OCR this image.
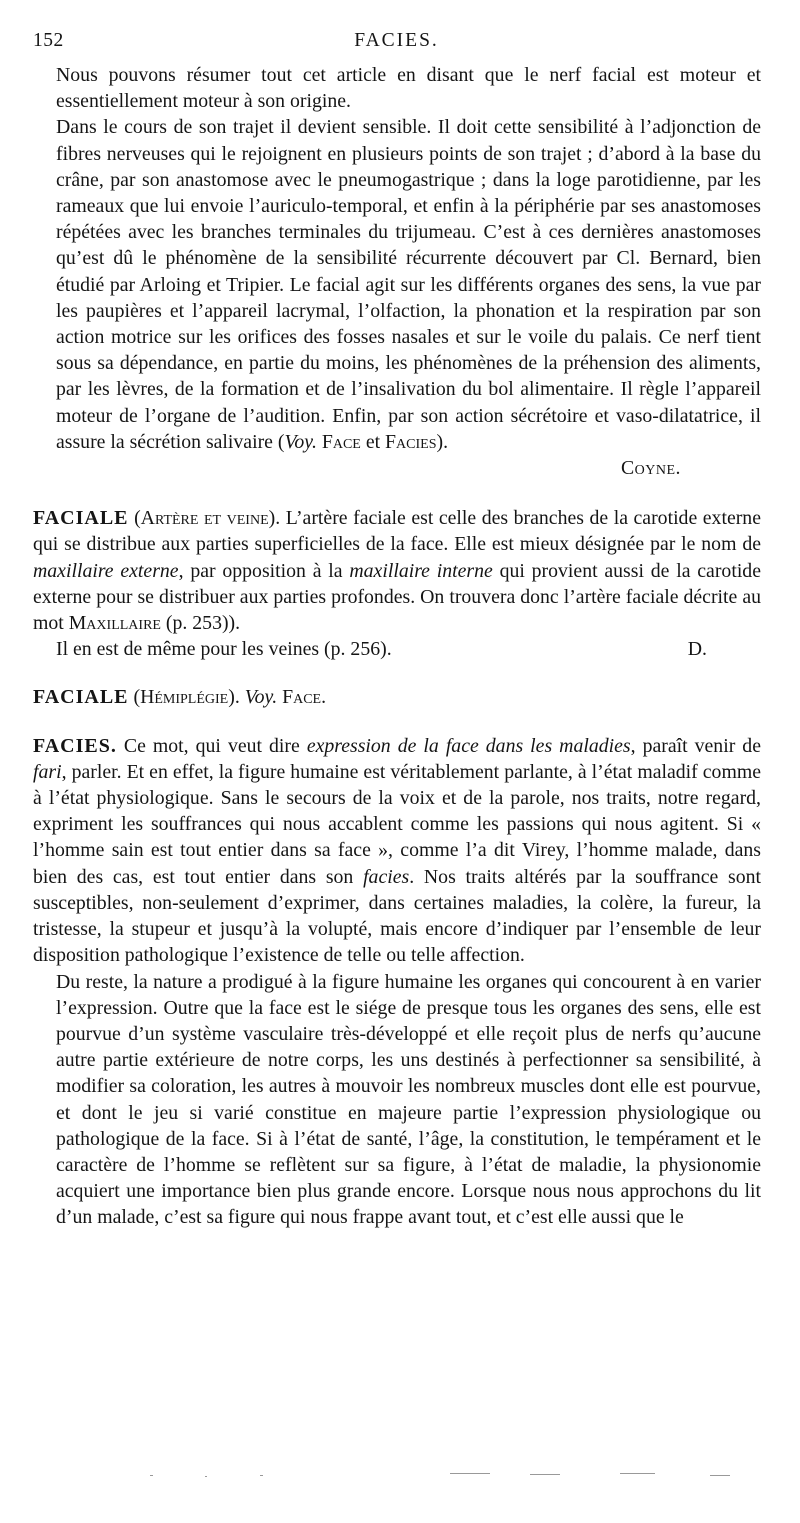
152	FACIES.

Nous pouvons résumer tout cet article en disant que le nerf facial est moteur et essentiellement moteur à son origine.

Dans le cours de son trajet il devient sensible. Il doit cette sensibilité à l’adjonction de fibres nerveuses qui le rejoignent en plusieurs points de son trajet ; d’abord à la base du crâne, par son anastomose avec le pneumogastrique ; dans la loge parotidienne, par les rameaux que lui envoie l’auriculo-temporal, et enfin à la périphérie par ses anastomoses répétées avec les branches terminales du trijumeau. C’est à ces dernières anastomoses qu’est dû le phénomène de la sensibilité récurrente découvert par Cl. Bernard, bien étudié par Arloing et Tripier. Le facial agit sur les différents organes des sens, la vue par les paupières et l’appareil lacrymal, l’olfaction, la phonation et la respiration par son action motrice sur les orifices des fosses nasales et sur le voile du palais. Ce nerf tient sous sa dépendance, en partie du moins, les phénomènes de la préhension des aliments, par les lèvres, de la formation et de l’insalivation du bol alimentaire. Il règle l’appareil moteur de l’organe de l’audition. Enfin, par son action sécrétoire et vaso-dilatatrice, il assure la sécrétion salivaire (Voy. Face et Facies).

Coyne.

FACIALE (Artère et veine). L’artère faciale est celle des branches de la carotide externe qui se distribue aux parties superficielles de la face. Elle est mieux désignée par le nom de maxillaire externe, par opposition à la maxillaire interne qui provient aussi de la carotide externe pour se distribuer aux parties profondes. On trouvera donc l’artère faciale décrite au mot Maxillaire (p. 253)).

Il en est de même pour les veines (p. 256).	D.

FACIALE (Hémiplégie). Voy. Face.

FACIES. Ce mot, qui veut dire expression de la face dans les maladies, paraît venir de fari, parler. Et en effet, la figure humaine est véritablement parlante, à l’état maladif comme à l’état physiologique. Sans le secours de la voix et de la parole, nos traits, notre regard, expriment les souffrances qui nous accablent comme les passions qui nous agitent. Si « l’homme sain est tout entier dans sa face », comme l’a dit Virey, l’homme malade, dans bien des cas, est tout entier dans son facies. Nos traits altérés par la souffrance sont susceptibles, non-seulement d’exprimer, dans certaines maladies, la colère, la fureur, la tristesse, la stupeur et jusqu’à la volupté, mais encore d’indiquer par l’ensemble de leur disposition pathologique l’existence de telle ou telle affection.

Du reste, la nature a prodigué à la figure humaine les organes qui concourent à en varier l’expression. Outre que la face est le siége de presque tous les organes des sens, elle est pourvue d’un système vasculaire très-développé et elle reçoit plus de nerfs qu’aucune autre partie extérieure de notre corps, les uns destinés à perfectionner sa sensibilité, à modifier sa coloration, les autres à mouvoir les nombreux muscles dont elle est pourvue, et dont le jeu si varié constitue en majeure partie l’expression physiologique ou pathologique de la face. Si à l’état de santé, l’âge, la constitution, le tempérament et le caractère de l’homme se reflètent sur sa figure, à l’état de maladie, la physionomie acquiert une importance bien plus grande encore. Lorsque nous nous approchons du lit d’un malade, c’est sa figure qui nous frappe avant tout, et c’est elle aussi que le
